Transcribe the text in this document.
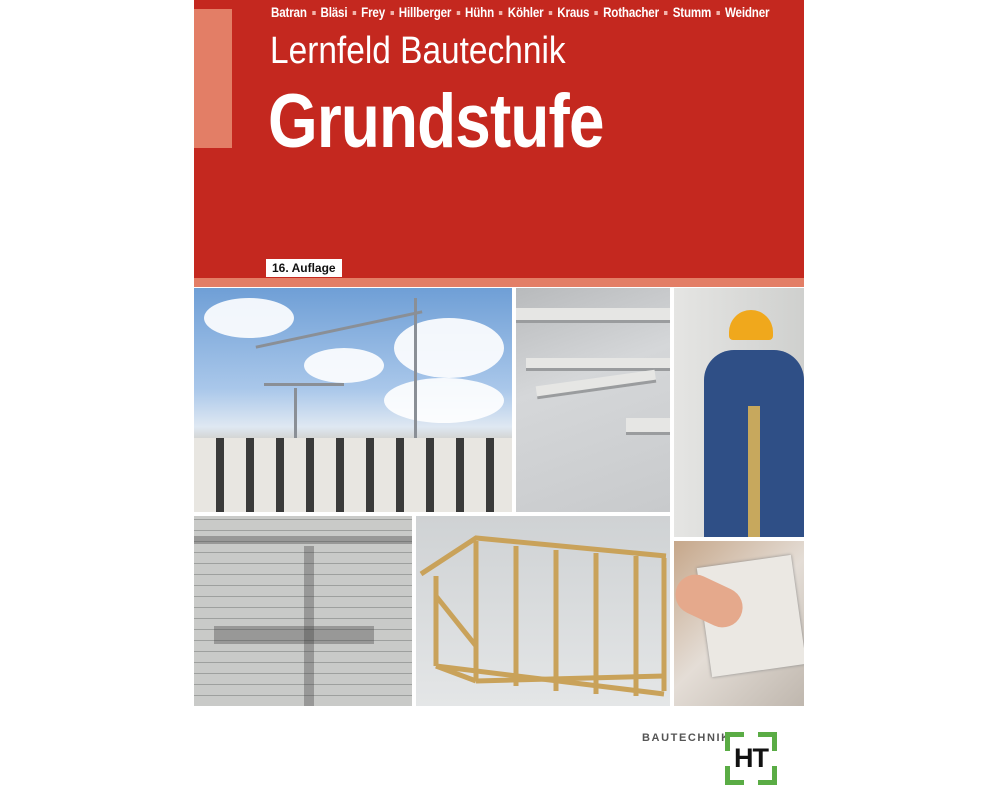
Batran Bläsi Frey Hillberger Hühn Köhler Kraus Rothacher Stumm Weidner
Lernfeld Bautechnik
Grundstufe
16. Auflage
BAUTECHNIK
HT
